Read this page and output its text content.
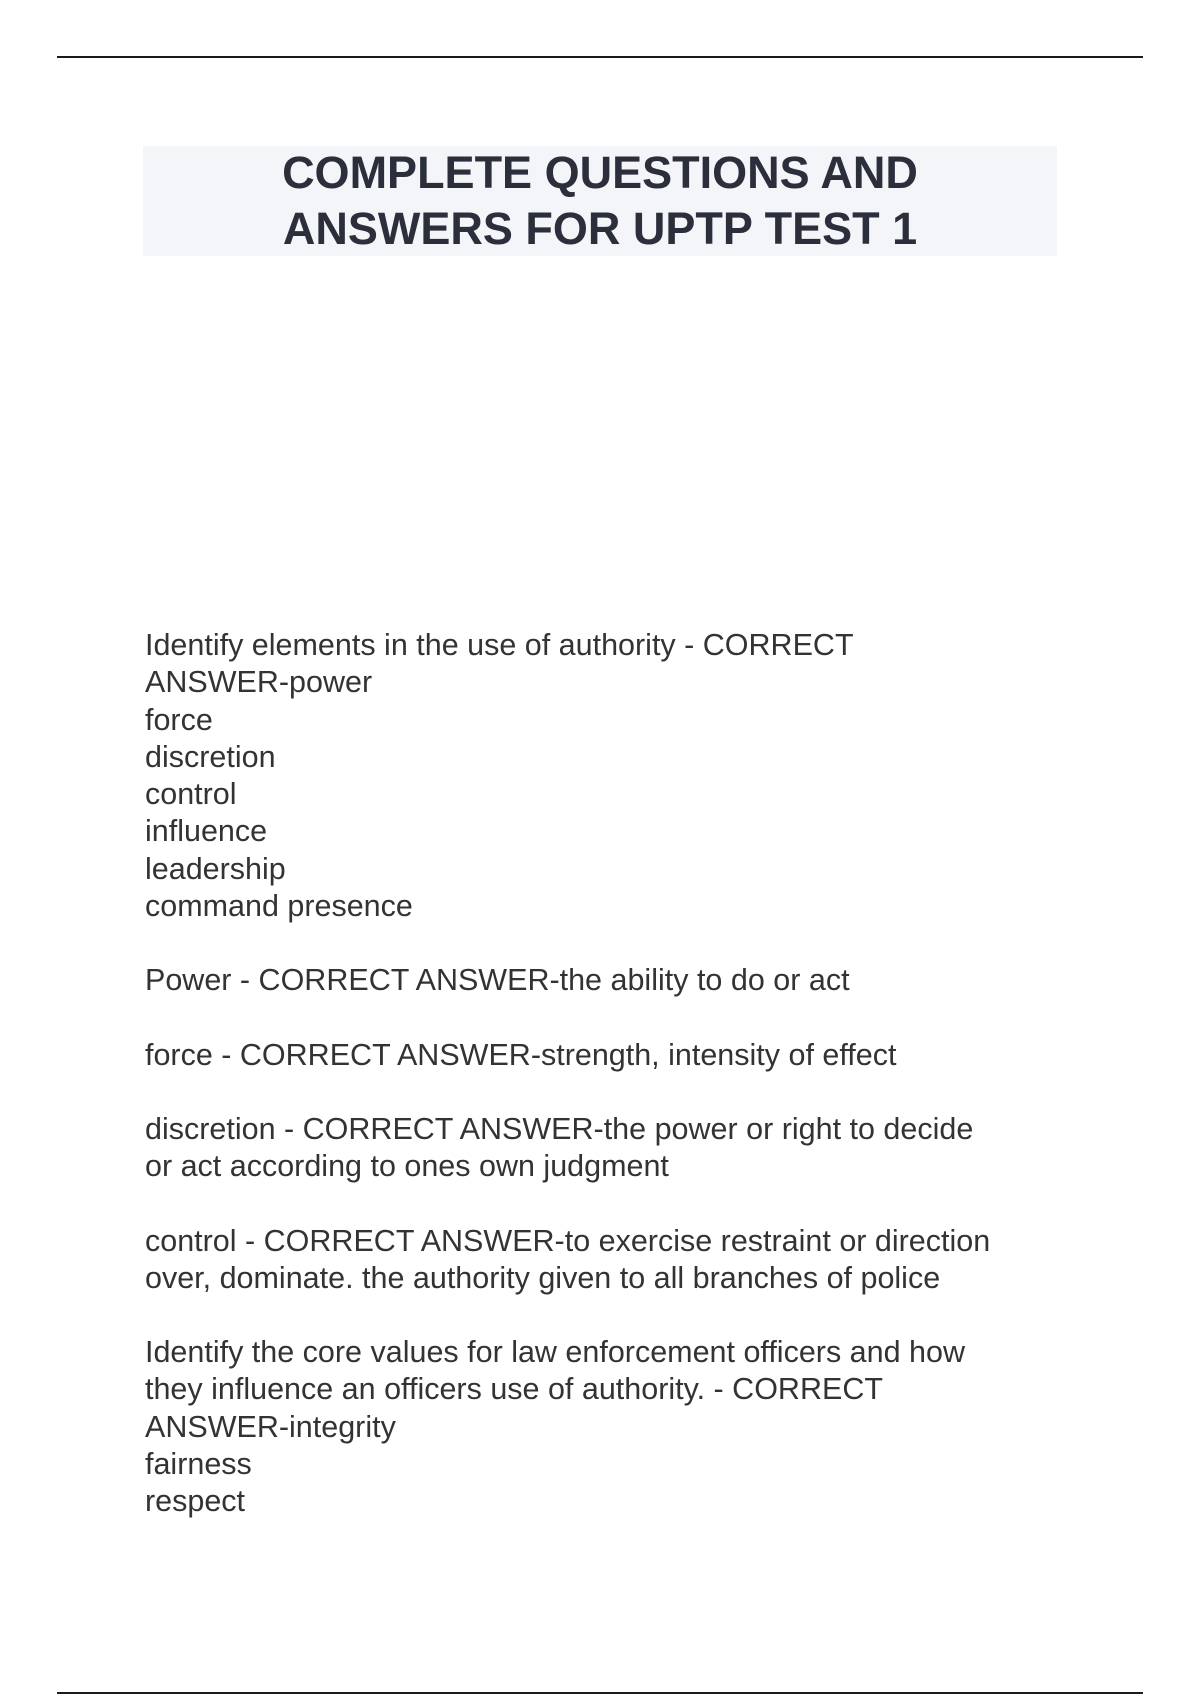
COMPLETE QUESTIONS AND
ANSWERS FOR UPTP TEST 1
Identify elements in the use of authority - CORRECT
ANSWER-power
force
discretion
control
influence
leadership
command presence
Power - CORRECT ANSWER-the ability to do or act
force - CORRECT ANSWER-strength, intensity of effect
discretion - CORRECT ANSWER-the power or right to decide
or act according to ones own judgment
control - CORRECT ANSWER-to exercise restraint or direction
over, dominate. the authority given to all branches of police
Identify the core values for law enforcement officers and how
they influence an officers use of authority. - CORRECT
ANSWER-integrity
fairness
respect
